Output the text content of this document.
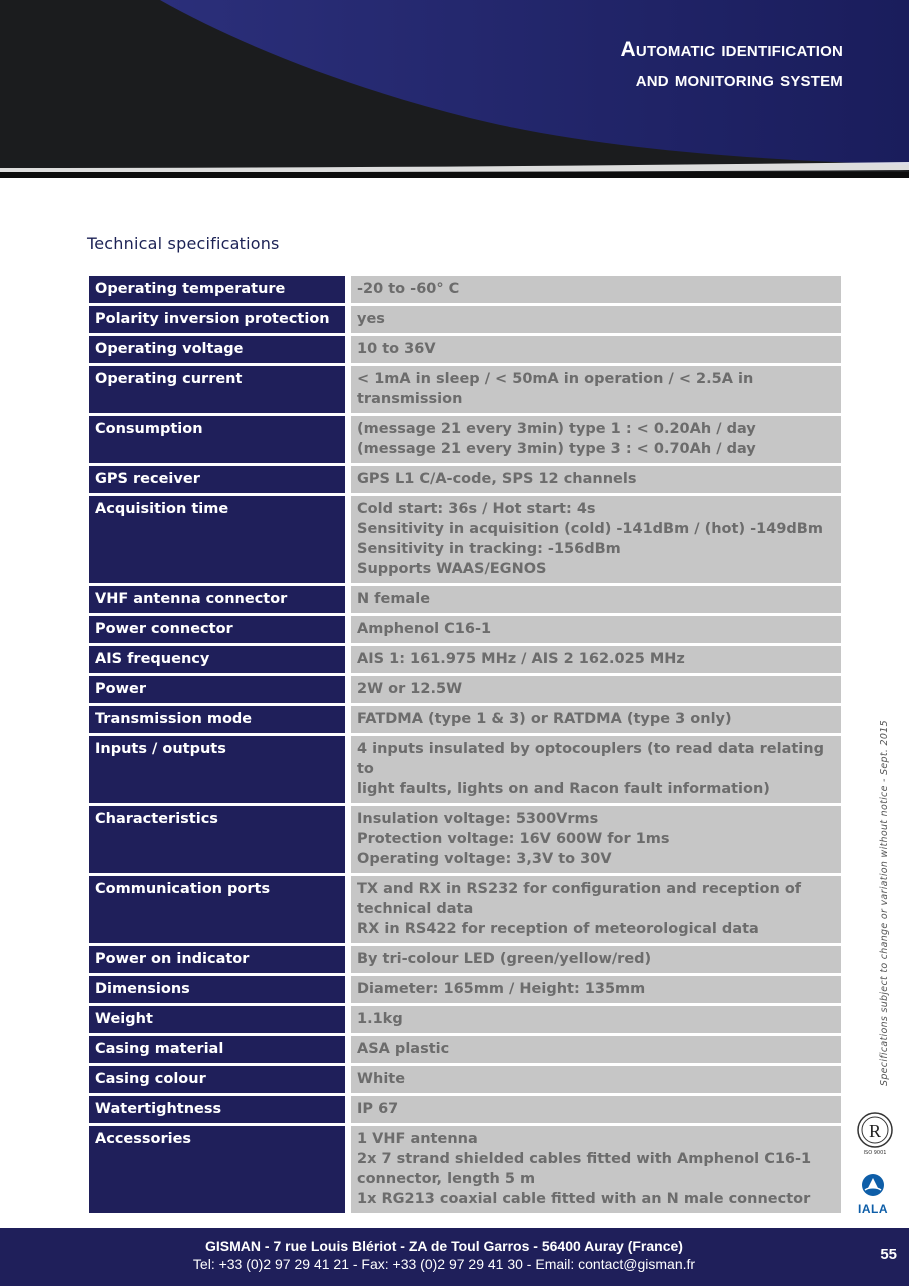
Automatic identification
and monitoring system
Technical specifications
Operating temperature	-20 to -60° C
Polarity inversion protection	yes
Operating voltage	10 to 36V
Operating current	< 1mA in sleep / < 50mA in operation / < 2.5A in transmission
Consumption	(message 21 every 3min) type 1 : < 0.20Ah / day
(message 21 every 3min) type 3 : < 0.70Ah / day
GPS receiver	GPS L1 C/A-code, SPS 12 channels
Acquisition time	Cold start: 36s / Hot start: 4s
Sensitivity in acquisition (cold) -141dBm / (hot) -149dBm
Sensitivity in tracking: -156dBm
Supports WAAS/EGNOS
VHF antenna connector	N female
Power connector	Amphenol C16-1
AIS frequency	AIS 1: 161.975 MHz / AIS 2 162.025 MHz
Power	2W or 12.5W
Transmission mode	FATDMA (type 1 & 3) or RATDMA (type 3 only)
Inputs / outputs	4 inputs insulated by optocouplers (to read data relating to
light faults, lights on and Racon fault information)
Characteristics	Insulation voltage: 5300Vrms
Protection voltage: 16V 600W for 1ms
Operating voltage: 3,3V to 30V
Communication ports	TX and RX in RS232 for configuration and reception of
technical data
RX in RS422 for reception of meteorological data
Power on indicator	By tri-colour LED (green/yellow/red)
Dimensions	Diameter: 165mm / Height: 135mm
Weight	1.1kg
Casing material	ASA plastic
Casing colour	White
Watertightness	IP 67
Accessories	1 VHF antenna
2x 7 strand shielded cables fitted with Amphenol C16-1
connector, length 5 m
1x RG213 coaxial cable fitted with an N male connector
Specifications subject to change or variation without notice - Sept. 2015
R
ISO 9001
IALA
GISMAN - 7 rue Louis Blériot - ZA de Toul Garros - 56400 Auray (France)
Tel: +33 (0)2 97 29 41 21 - Fax: +33 (0)2 97 29 41 30 - Email: contact@gisman.fr
55
